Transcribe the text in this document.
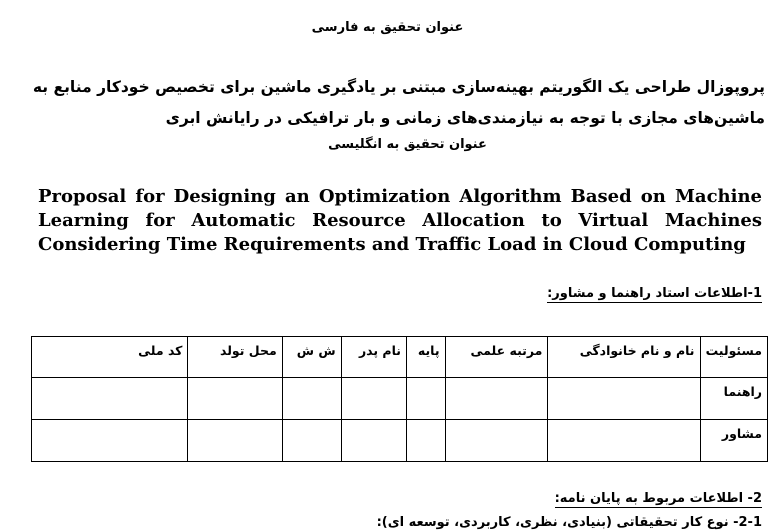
عنوان تحقیق به فارسی

پروپوزال طراحی یک الگوریتم بهینه‌سازی مبتنی بر یادگیری ماشین برای تخصیص خودکار منابع به ماشین‌های مجازی با توجه به نیازمندی‌های زمانی و بار ترافیکی در رایانش ابری

عنوان تحقیق به انگلیسی

Proposal for Designing an Optimization Algorithm Based on Machine Learning for Automatic Resource Allocation to Virtual Machines Considering Time Requirements and Traffic Load in Cloud Computing

1-اطلاعات استاد راهنما و مشاور:
مسئولیت	نام و نام خانوادگی	مرتبه علمی	پایه	نام پدر	ش ش	محل تولد	کد ملی
راهنما							
مشاور							
2- اطلاعات مربوط به پایان نامه:
2-1- نوع کار تحقیقاتی (بنیادی، نظری، کاربردی، توسعه ای):
